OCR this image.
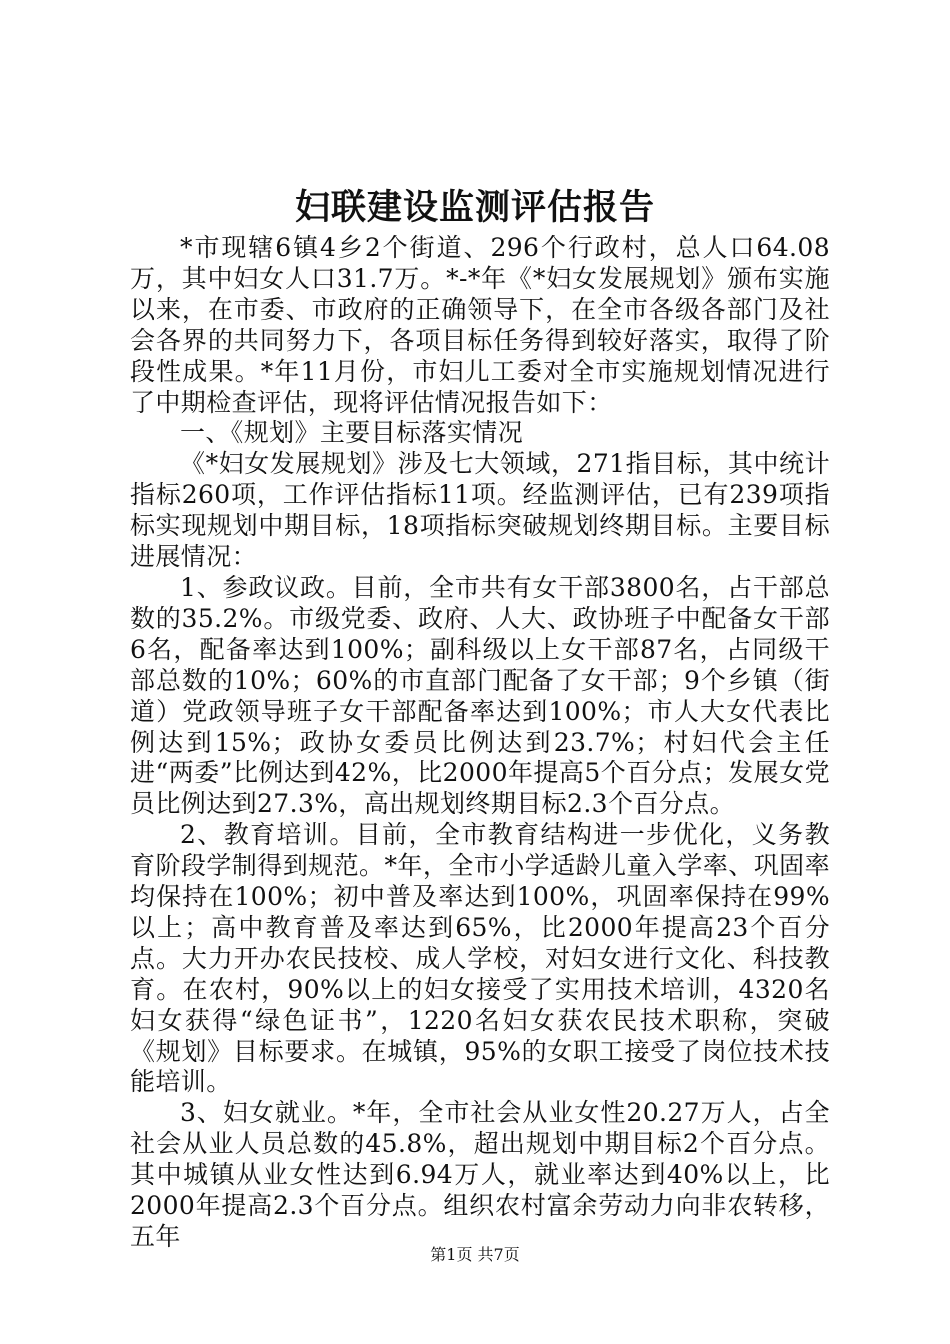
妇联建设监测评估报告

*市现辖6镇4乡2个街道、296个行政村，总人口64.08万，其中妇女人口31.7万。*-*年《*妇女发展规划》颁布实施以来，在市委、市政府的正确领导下，在全市各级各部门及社会各界的共同努力下，各项目标任务得到较好落实，取得了阶段性成果。*年11月份，市妇儿工委对全市实施规划情况进行了中期检查评估，现将评估情况报告如下：

一、《规划》主要目标落实情况

《*妇女发展规划》涉及七大领域，271指目标，其中统计指标260项，工作评估指标11项。经监测评估，已有239项指标实现规划中期目标，18项指标突破规划终期目标。主要目标进展情况：

1、参政议政。目前，全市共有女干部3800名，占干部总数的35.2%。市级党委、政府、人大、政协班子中配备女干部6名，配备率达到100%；副科级以上女干部87名，占同级干部总数的10%；60%的市直部门配备了女干部；9个乡镇（街道）党政领导班子女干部配备率达到100%；市人大女代表比例达到15%；政协女委员比例达到23.7%；村妇代会主任进“两委”比例达到42%，比2000年提高5个百分点；发展女党员比例达到27.3%，高出规划终期目标2.3个百分点。

2、教育培训。目前，全市教育结构进一步优化，义务教育阶段学制得到规范。*年，全市小学适龄儿童入学率、巩固率均保持在100%；初中普及率达到100%，巩固率保持在99%以上；高中教育普及率达到65%，比2000年提高23个百分点。大力开办农民技校、成人学校，对妇女进行文化、科技教育。在农村，90%以上的妇女接受了实用技术培训，4320名妇女获得“绿色证书”，1220名妇女获农民技术职称，突破《规划》目标要求。在城镇，95%的女职工接受了岗位技术技能培训。

3、妇女就业。*年，全市社会从业女性20.27万人，占全社会从业人员总数的45.8%，超出规划中期目标2个百分点。其中城镇从业女性达到6.94万人，就业率达到40%以上，比2000年提高2.3个百分点。组织农村富余劳动力向非农转移，五年

第1页 共7页
